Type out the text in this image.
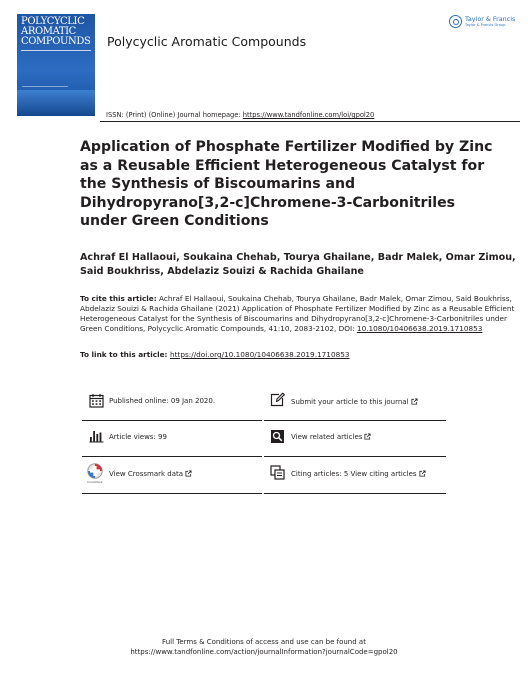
POLYCYCLIC
AROMATIC
COMPOUNDS Polycyclic Aromatic Compounds
Taylor & Francis
Taylor & Francis Group
ISSN: (Print) (Online) Journal homepage: https://www.tandfonline.com/loi/gpol20
Application of Phosphate Fertilizer Modified by Zinc as a Reusable Efficient Heterogeneous Catalyst for the Synthesis of Biscoumarins and Dihydropyrano[3,2-c]Chromene-3-Carbonitriles under Green Conditions
Achraf El Hallaoui, Soukaina Chehab, Tourya Ghailane, Badr Malek, Omar Zimou, Said Boukhriss, Abdelaziz Souizi & Rachida Ghailane
To cite this article: Achraf El Hallaoui, Soukaina Chehab, Tourya Ghailane, Badr Malek, Omar Zimou, Said Boukhriss, Abdelaziz Souizi & Rachida Ghailane (2021) Application of Phosphate Fertilizer Modified by Zinc as a Reusable Efficient Heterogeneous Catalyst for the Synthesis of Biscoumarins and Dihydropyrano[3,2-c]Chromene-3-Carbonitriles under Green Conditions, Polycyclic Aromatic Compounds, 41:10, 2083-2102, DOI: 10.1080/10406638.2019.1710853
To link to this article: https://doi.org/10.1080/10406638.2019.1710853
Published online: 09 Jan 2020.	Submit your article to this journal
Article views: 99	View related articles
CrossMark
View Crossmark data	Citing articles: 5 View citing articles
Full Terms & Conditions of access and use can be found at
https://www.tandfonline.com/action/journalInformation?journalCode=gpol20
